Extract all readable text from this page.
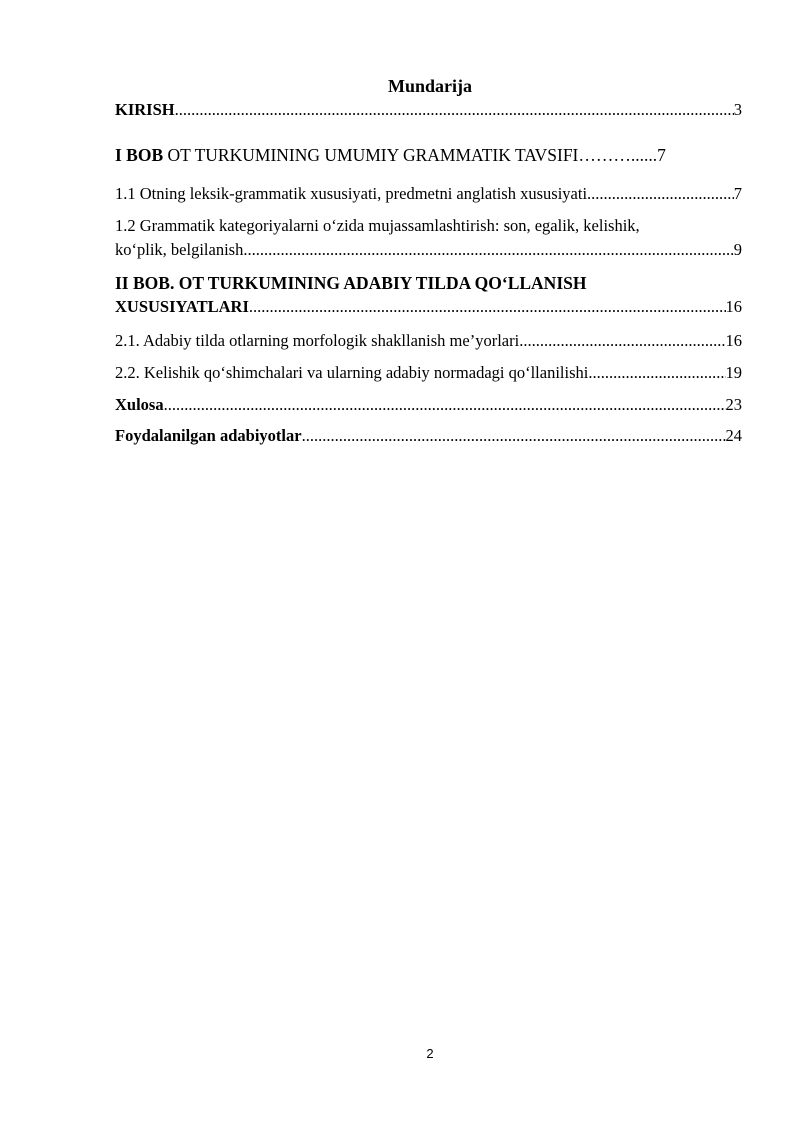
Mundarija
KIRISH .....	3
I BOB OT TURKUMINING UMUMIY GRAMMATIK TAVSIFI………...... 7
1.1 Otning leksik-grammatik xususiyati, predmetni anglatish xususiyati .....	7
1.2 Grammatik kategoriyalarni o‘zida mujassamlashtirish: son, egalik, kelishik,
ko‘plik, belgilanish .....	9
II BOB. OT TURKUMINING ADABIY TILDA QO‘LLANISH
XUSUSIYATLARI .....	16
2.1. Adabiy tilda otlarning morfologik shakllanish me’yorlari .....	16
2.2. Kelishik qo‘shimchalari va ularning adabiy normadagi qo‘llanilishi .....	19
Xulosa .....	23
Foydalanilgan adabiyotlar .....	24
2
